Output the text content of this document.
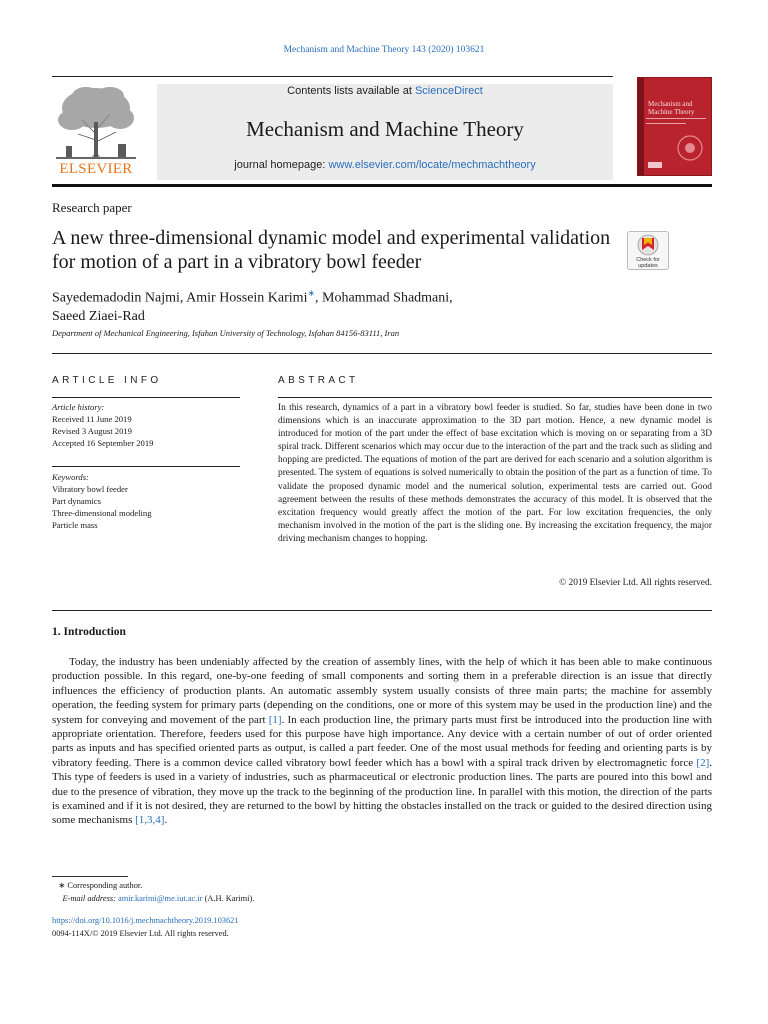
Mechanism and Machine Theory 143 (2020) 103621
ELSEVIER
Contents lists available at ScienceDirect
Mechanism and Machine Theory
journal homepage: www.elsevier.com/locate/mechmachtheory
Mechanism and Machine Theory
Research paper
A new three-dimensional dynamic model and experimental validation for motion of a part in a vibratory bowl feeder	Check for updates
Sayedemadodin Najmi, Amir Hossein Karimi∗, Mohammad Shadmani,
Saeed Ziaei-Rad
Department of Mechanical Engineering, Isfahan University of Technology, Isfahan 84156-83111, Iran
ARTICLE INFO	ABSTRACT
Article history:
Received 11 June 2019
Revised 3 August 2019
Accepted 16 September 2019
Keywords:
Vibratory bowl feeder
Part dynamics
Three-dimensional modeling
Particle mass
In this research, dynamics of a part in a vibratory bowl feeder is studied. So far, studies have been done in two dimensions which is an inaccurate approximation to the 3D part motion. Hence, a new dynamic model is introduced for motion of the part under the effect of base excitation which is moving on or separating from a 3D spiral track. Different scenarios which may occur due to the interaction of the part and the track such as sliding and hopping are predicted. The equations of motion of the part are derived for each scenario and a solution algorithm is presented. The system of equations is solved numerically to obtain the position of the part as a function of time. To validate the proposed dynamic model and the numerical solution, experimental tests are carried out. Good agreement between the results of these methods demonstrates the accuracy of this model. It is observed that the excitation frequency would greatly affect the motion of the part. For low excitation frequencies, the only mechanism involved in the motion of the part is the sliding one. By increasing the excitation frequency, the major driving mechanism changes to hopping.
© 2019 Elsevier Ltd. All rights reserved.
1. Introduction
Today, the industry has been undeniably affected by the creation of assembly lines, with the help of which it has been able to make continuous production possible. In this regard, one-by-one feeding of small components and sorting them in a preferable direction is an issue that directly influences the efficiency of production plants. An automatic assembly system usually consists of three main parts; the machine for assembly operation, the feeding system for primary parts (depending on the conditions, one or more of this system may be used in the production line) and the system for conveying and movement of the part [1]. In each production line, the primary parts must first be introduced into the production line with appropriate orientation. Therefore, feeders used for this purpose have high importance. Any device with a certain number of out of order oriented parts as inputs and has specified oriented parts as output, is called a part feeder. One of the most usual methods for feeding and orienting parts is by vibratory feeding. There is a common device called vibratory bowl feeder which has a bowl with a spiral track driven by electromagnetic force [2]. This type of feeders is used in a variety of industries, such as pharmaceutical or electronic production lines. The parts are poured into this bowl and due to the presence of vibration, they move up the track to the beginning of the production line. In parallel with this motion, the direction of the parts is examined and if it is not desired, they are returned to the bowl by hitting the obstacles installed on the track or guided to the desired direction using some mechanisms [1,3,4].
∗ Corresponding author.
E-mail address: amir.karimi@me.iut.ac.ir (A.H. Karimi).
https://doi.org/10.1016/j.mechmachtheory.2019.103621
0094-114X/© 2019 Elsevier Ltd. All rights reserved.
